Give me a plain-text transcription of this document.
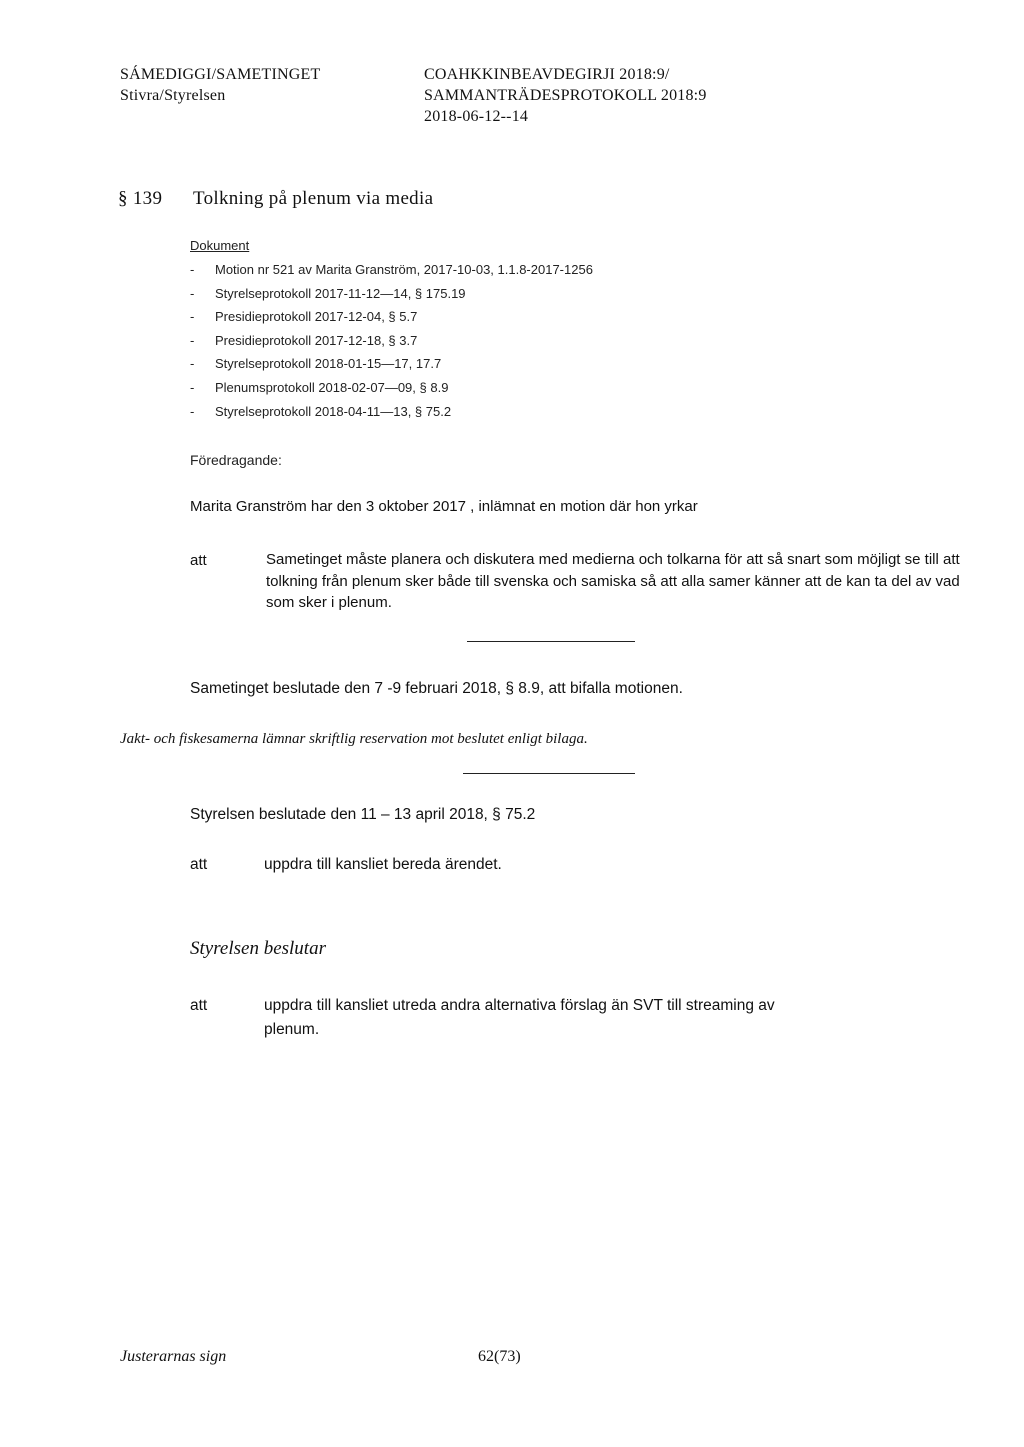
SÁMEDIGGI/SAMETINGET
Stivra/Styrelsen
COAHKKINBEAVDEGIRJI 2018:9/
SAMMANTRÄDESPROTOKOLL 2018:9
2018-06-12--14
§ 139 Tolkning på plenum via media
Dokument
-	Motion nr 521 av Marita Granström, 2017-10-03, 1.1.8-2017-1256
-	Styrelseprotokoll 2017-11-12—14, § 175.19
-	Presidieprotokoll 2017-12-04, § 5.7
-	Presidieprotokoll 2017-12-18, § 3.7
-	Styrelseprotokoll 2018-01-15—17, 17.7
-	Plenumsprotokoll 2018-02-07—09, § 8.9
-	Styrelseprotokoll 2018-04-11—13, § 75.2
Föredragande:
Marita Granström har den 3 oktober 2017 , inlämnat en motion där hon yrkar
att	Sametinget måste planera och diskutera med medierna och tolkarna för att så snart som möjligt se till att tolkning från plenum sker både till svenska och samiska så att alla samer känner att de kan ta del av vad som sker i plenum.
Sametinget beslutade den 7 -9 februari 2018, § 8.9, att bifalla motionen.
Jakt- och fiskesamerna lämnar skriftlig reservation mot beslutet enligt bilaga.
Styrelsen beslutade den 11 – 13 april 2018, § 75.2
att	uppdra till kansliet bereda ärendet.
Styrelsen beslutar
att	uppdra till kansliet utreda andra alternativa förslag än SVT till streaming av
plenum.
Justerarnas sign	62(73)
